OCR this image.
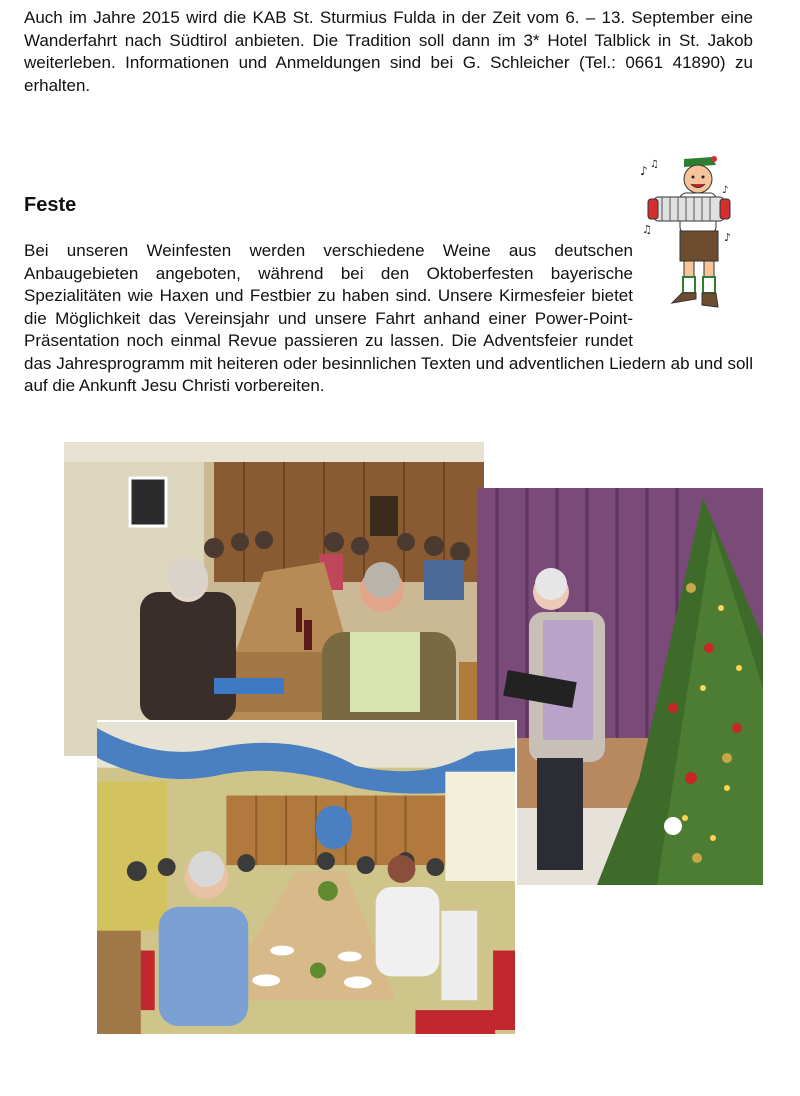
Auch im Jahre 2015 wird die KAB St. Sturmius Fulda in der Zeit vom 6. – 13. September eine Wanderfahrt nach Südtirol anbieten. Die Tradition soll dann im 3* Hotel Talblick in St. Jakob weiterleben. Informationen und Anmeldungen sind bei G. Schleicher (Tel.: 0661 41890) zu erhalten.

Feste
Bei unseren Weinfesten werden verschiedene Weine aus deutschen Anbaugebieten angeboten, während bei den Oktoberfesten bayerische Spezialitäten wie Haxen und Festbier zu haben sind. Unsere Kirmesfeier bietet die Möglichkeit das Vereinsjahr und unsere Fahrt anhand einer Power-Point-Präsentation noch einmal Revue passieren zu lassen. Die Adventsfeier rundet das Jahresprogramm mit heiteren oder besinnlichen Texten und adventlichen Liedern ab und soll auf die Ankunft Jesu Christi vorbereiten.
♪ ♫
♪
♫
♪
